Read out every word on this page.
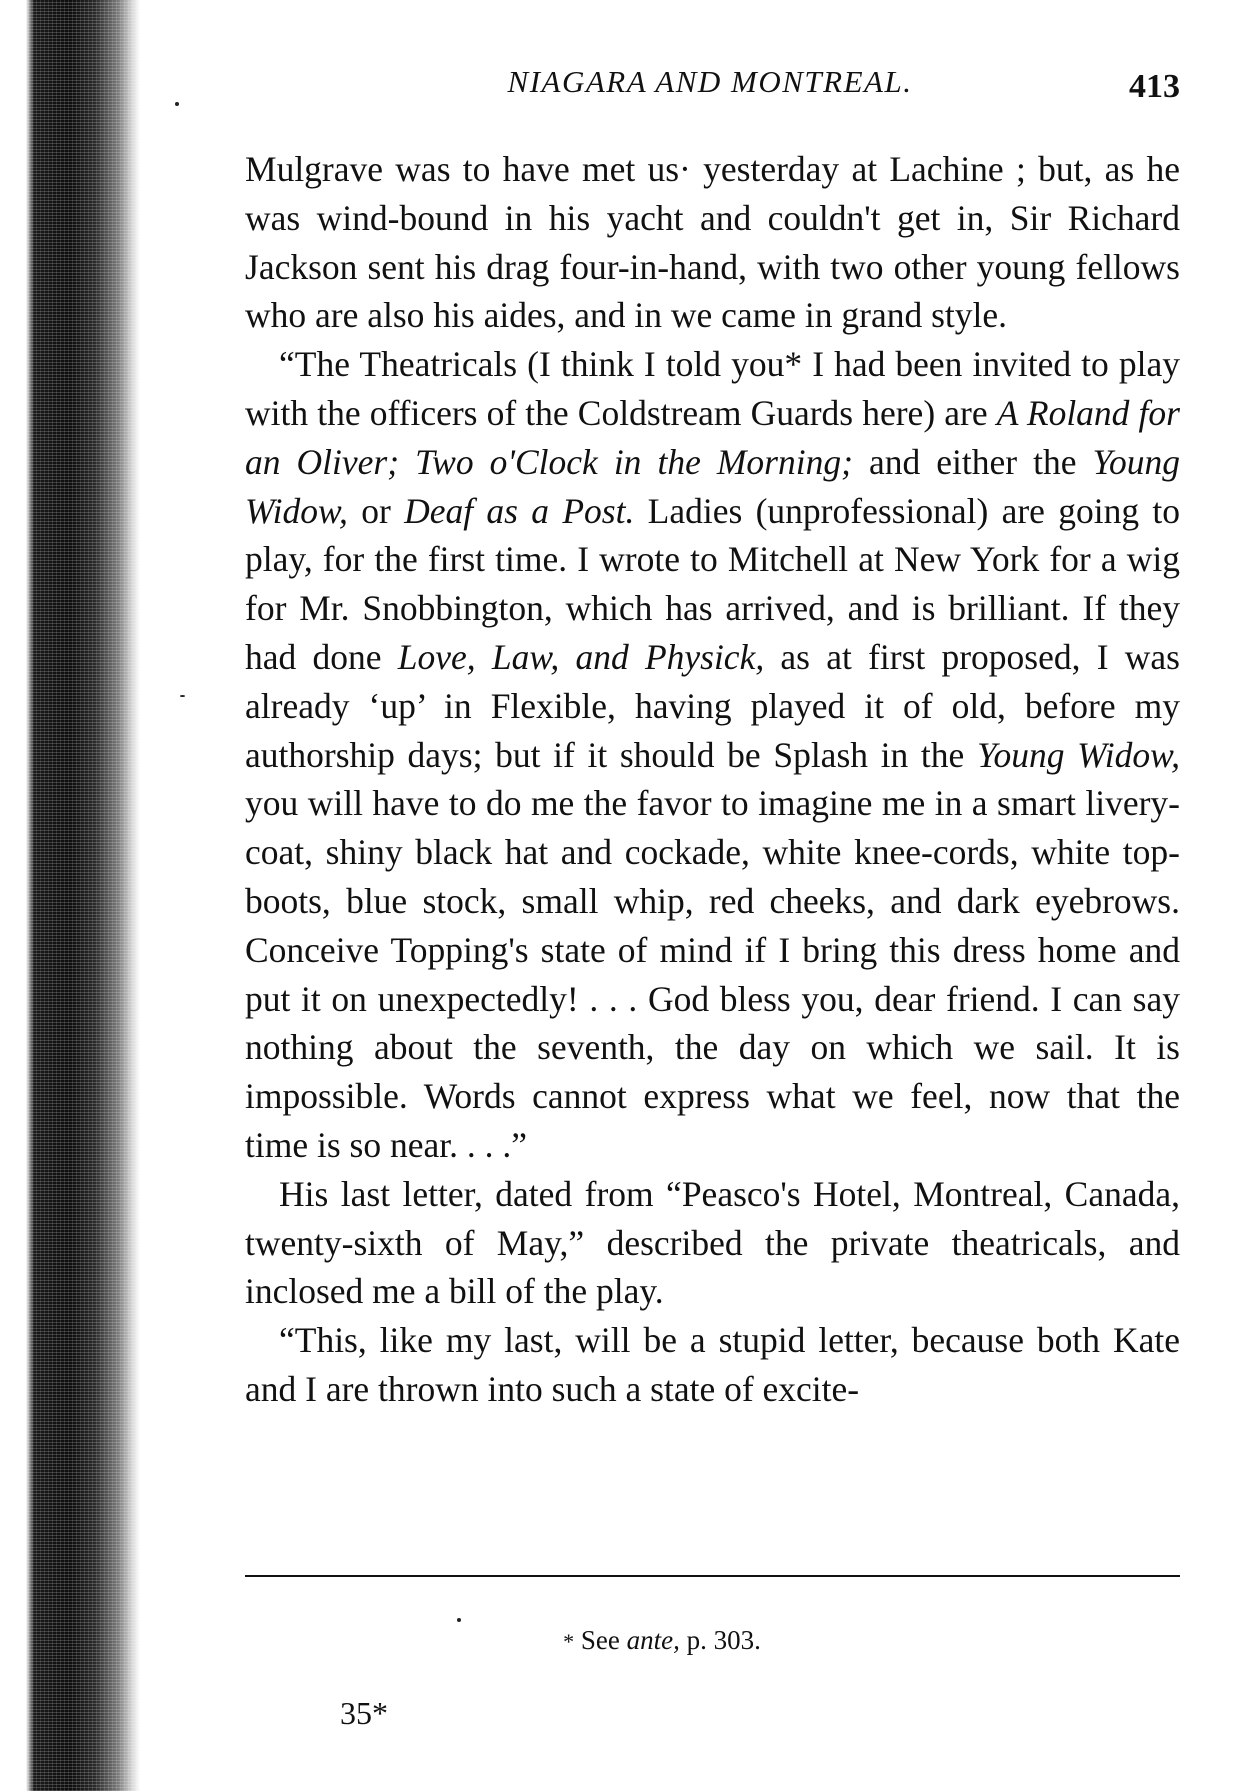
NIAGARA AND MONTREAL.	413

Mulgrave was to have met us· yesterday at Lachine ; but, as he was wind-bound in his yacht and couldn't get in, Sir Richard Jackson sent his drag four-in-hand, with two other young fellows who are also his aides, and in we came in grand style.

“The Theatricals (I think I told you* I had been invited to play with the officers of the Coldstream Guards here) are A Roland for an Oliver; Two o'Clock in the Morning; and either the Young Widow, or Deaf as a Post. Ladies (unprofessional) are going to play, for the first time. I wrote to Mitchell at New York for a wig for Mr. Snobbington, which has arrived, and is brilliant. If they had done Love, Law, and Physick, as at first proposed, I was already ‘up’ in Flexible, having played it of old, before my authorship days; but if it should be Splash in the Young Widow, you will have to do me the favor to imagine me in a smart livery-coat, shiny black hat and cockade, white knee-cords, white top-boots, blue stock, small whip, red cheeks, and dark eyebrows. Conceive Topping's state of mind if I bring this dress home and put it on unexpectedly! . . . God bless you, dear friend. I can say nothing about the seventh, the day on which we sail. It is impossible. Words cannot express what we feel, now that the time is so near. . . .”

His last letter, dated from “Peasco's Hotel, Montreal, Canada, twenty-sixth of May,” described the private theatricals, and inclosed me a bill of the play.

“This, like my last, will be a stupid letter, because both Kate and I are thrown into such a state of excite-

* See ante, p. 303.
35*
